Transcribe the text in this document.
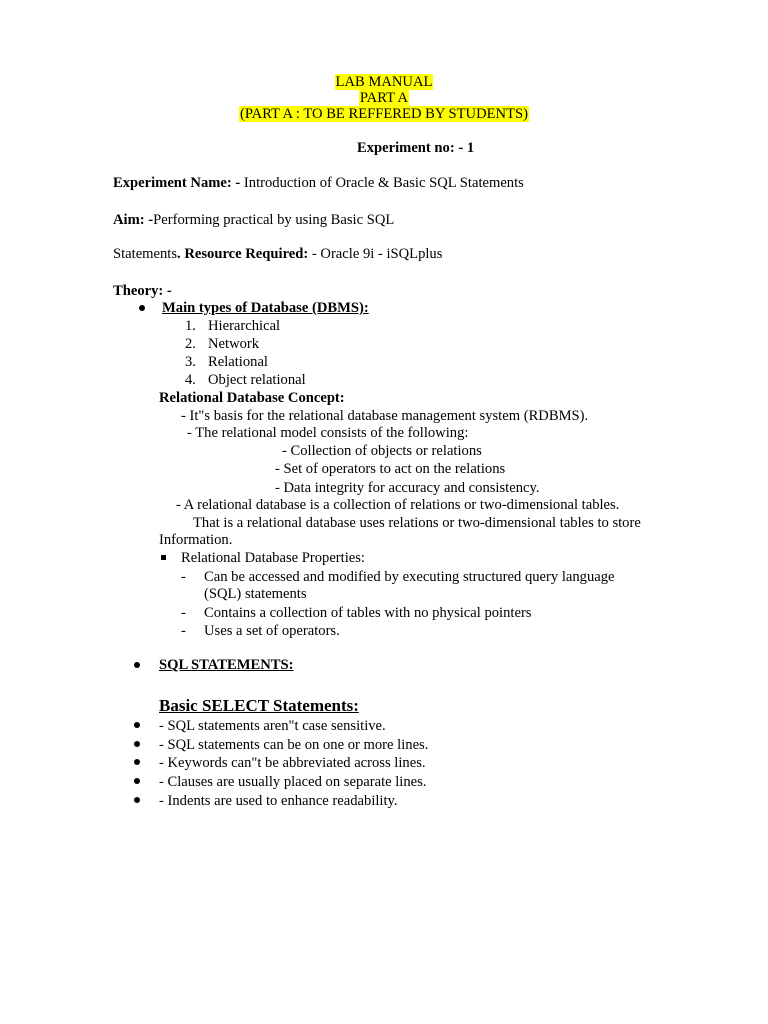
LAB MANUAL
PART A
(PART A : TO BE REFFERED BY STUDENTS)
Experiment no: - 1
Experiment Name: - Introduction of Oracle & Basic SQL Statements
Aim: -Performing practical by using Basic SQL
Statements. Resource Required: - Oracle 9i - iSQLplus
Theory: -
Main types of Database (DBMS):
1. Hierarchical
2. Network
3. Relational
4. Object relational
Relational Database Concept:
- It"s basis for the relational database management system (RDBMS).
- The relational model consists of the following:
- Collection of objects or relations
- Set of operators to act on the relations
- Data integrity for accuracy and consistency.
- A relational database is a collection of relations or two-dimensional tables.
That is a relational database uses relations or two-dimensional tables to store
Information.
Relational Database Properties:
- Can be accessed and modified by executing structured query language
(SQL) statements
- Contains a collection of tables with no physical pointers
- Uses a set of operators.
SQL STATEMENTS:
Basic SELECT Statements:
- SQL statements aren"t case sensitive.
- SQL statements can be on one or more lines.
- Keywords can"t be abbreviated across lines.
- Clauses are usually placed on separate lines.
- Indents are used to enhance readability.
